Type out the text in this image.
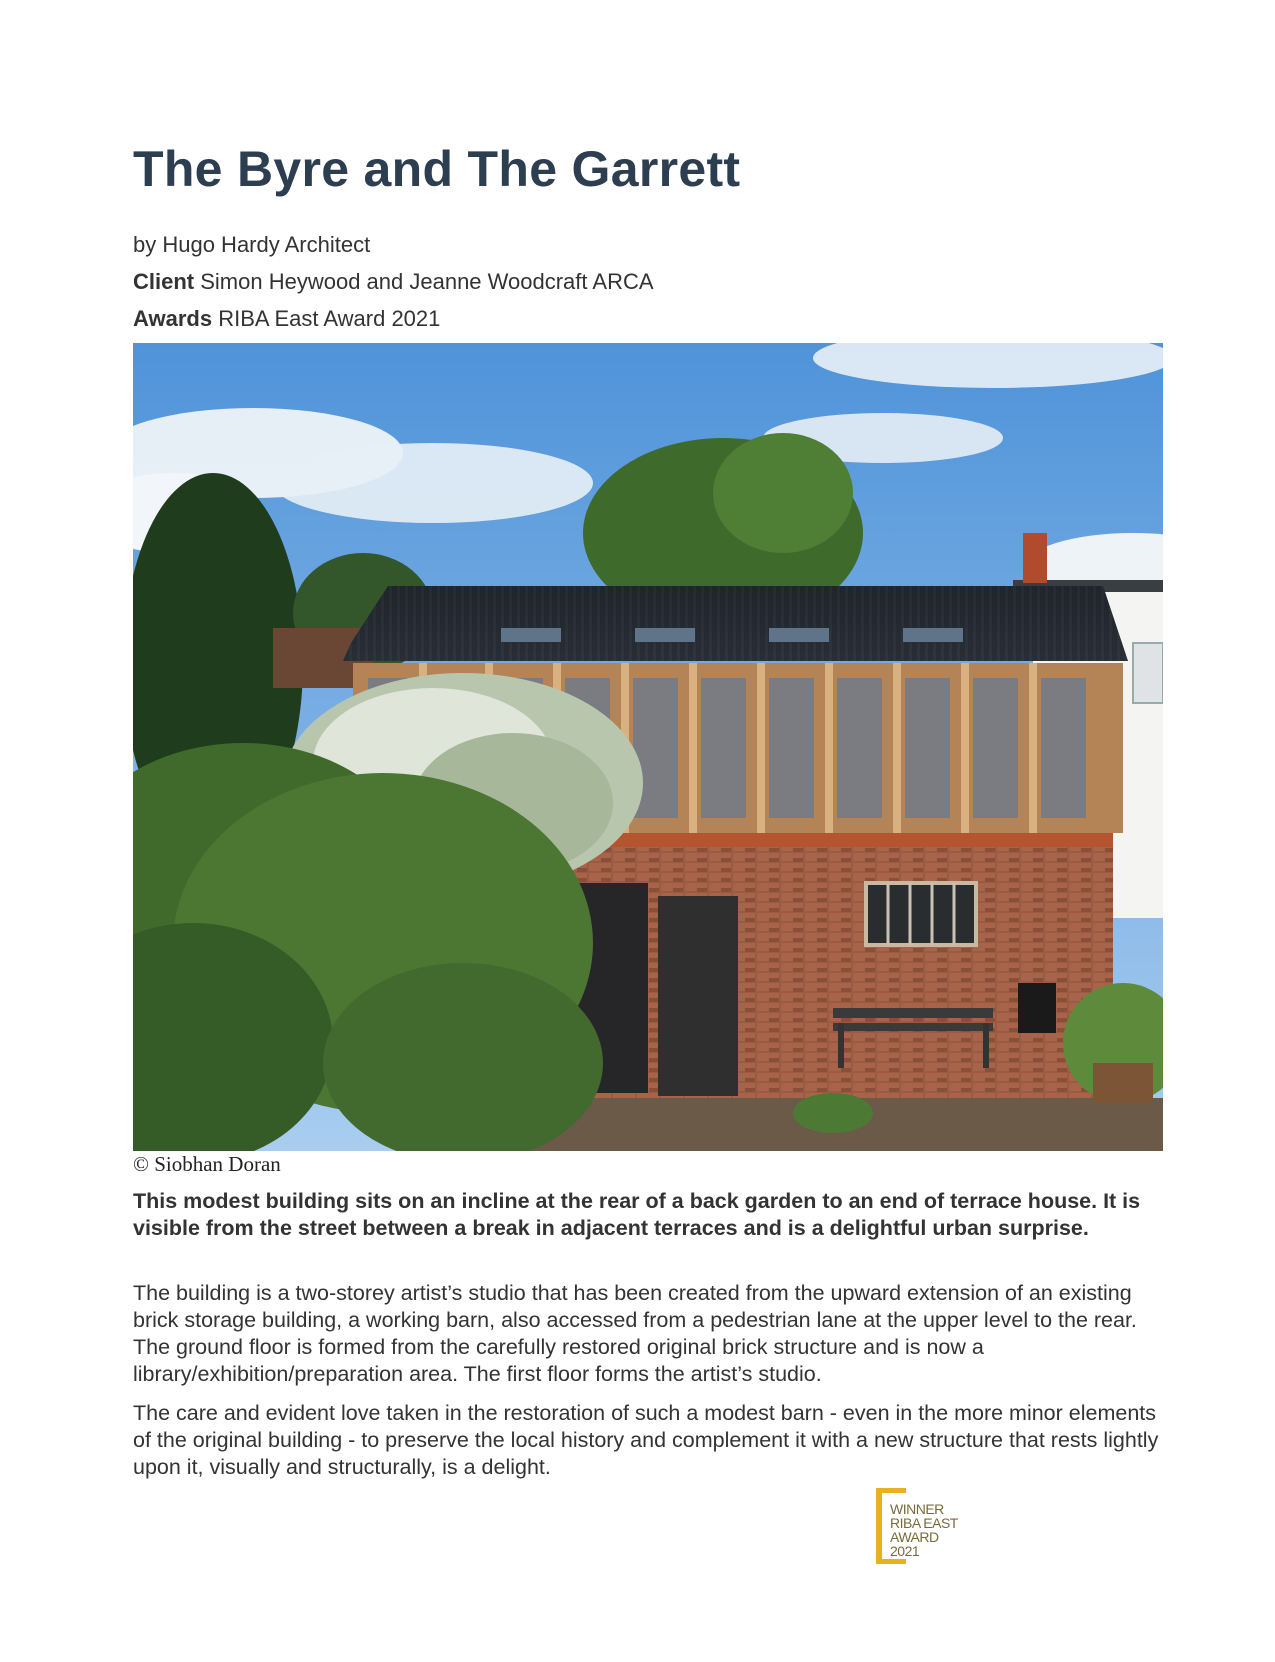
The Byre and The Garrett
by Hugo Hardy Architect
Client Simon Heywood and Jeanne Woodcraft ARCA
Awards RIBA East Award 2021
© Siobhan Doran

This modest building sits on an incline at the rear of a back garden to an end of terrace house. It is visible from the street between a break in adjacent terraces and is a delightful urban surprise.

The building is a two-storey artist’s studio that has been created from the upward extension of an existing brick storage building, a working barn, also accessed from a pedestrian lane at the upper level to the rear. The ground floor is formed from the carefully restored original brick structure and is now a library/exhibition/preparation area. The first floor forms the artist’s studio.

The care and evident love taken in the restoration of such a modest barn - even in the more minor elements of the original building - to preserve the local history and complement it with a new structure that rests lightly upon it, visually and structurally, is a delight.

WINNER
RIBA EAST
AWARD
2021
